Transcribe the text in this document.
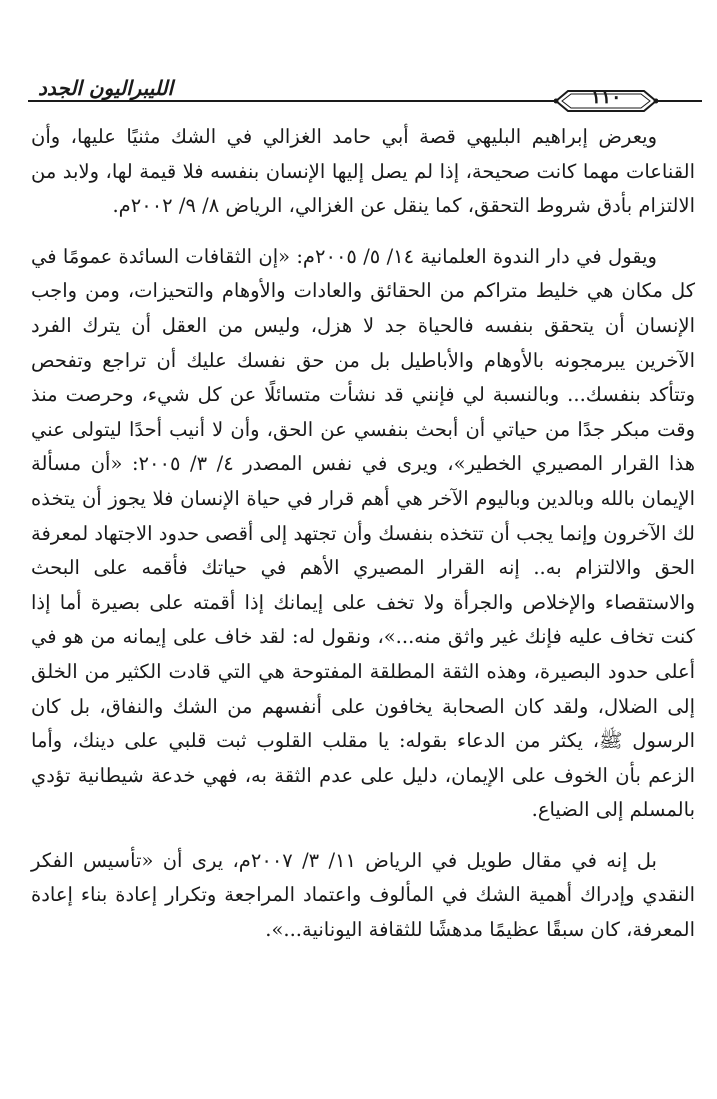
الليبراليون الجدد	١١٠

ويعرض إبراهيم البليهي قصة أبي حامد الغزالي في الشك مثنيًا عليها، وأن القناعات مهما كانت صحيحة، إذا لم يصل إليها الإنسان بنفسه فلا قيمة لها، ولابد من الالتزام بأدق شروط التحقق، كما ينقل عن الغزالي، الرياض ٨/ ٩/ ٢٠٠٢م.

ويقول في دار الندوة العلمانية ١٤/ ٥/ ٢٠٠٥م: «إن الثقافات السائدة عمومًا في كل مكان هي خليط متراكم من الحقائق والعادات والأوهام والتحيزات، ومن واجب الإنسان أن يتحقق بنفسه فالحياة جد لا هزل، وليس من العقل أن يترك الفرد الآخرين يبرمجونه بالأوهام والأباطيل بل من حق نفسك عليك أن تراجع وتفحص وتتأكد بنفسك... وبالنسبة لي فإنني قد نشأت متسائلًا عن كل شيء، وحرصت منذ وقت مبكر جدًا من حياتي أن أبحث بنفسي عن الحق، وأن لا أنيب أحدًا ليتولى عني هذا القرار المصيري الخطير»، ويرى في نفس المصدر ٤/ ٣/ ٢٠٠٥: «أن مسألة الإيمان بالله وبالدين وباليوم الآخر هي أهم قرار في حياة الإنسان فلا يجوز أن يتخذه لك الآخرون وإنما يجب أن تتخذه بنفسك وأن تجتهد إلى أقصى حدود الاجتهاد لمعرفة الحق والالتزام به.. إنه القرار المصيري الأهم في حياتك فأقمه على البحث والاستقصاء والإخلاص والجرأة ولا تخف على إيمانك إذا أقمته على بصيرة أما إذا كنت تخاف عليه فإنك غير واثق منه...»، ونقول له: لقد خاف على إيمانه من هو في أعلى حدود البصيرة، وهذه الثقة المطلقة المفتوحة هي التي قادت الكثير من الخلق إلى الضلال، ولقد كان الصحابة يخافون على أنفسهم من الشك والنفاق، بل كان الرسول ﷺ، يكثر من الدعاء بقوله: يا مقلب القلوب ثبت قلبي على دينك، وأما الزعم بأن الخوف على الإيمان، دليل على عدم الثقة به، فهي خدعة شيطانية تؤدي بالمسلم إلى الضياع.

بل إنه في مقال طويل في الرياض ١١/ ٣/ ٢٠٠٧م، يرى أن «تأسيس الفكر النقدي وإدراك أهمية الشك في المألوف واعتماد المراجعة وتكرار إعادة بناء إعادة المعرفة، كان سبقًا عظيمًا مدهشًا للثقافة اليونانية...».
